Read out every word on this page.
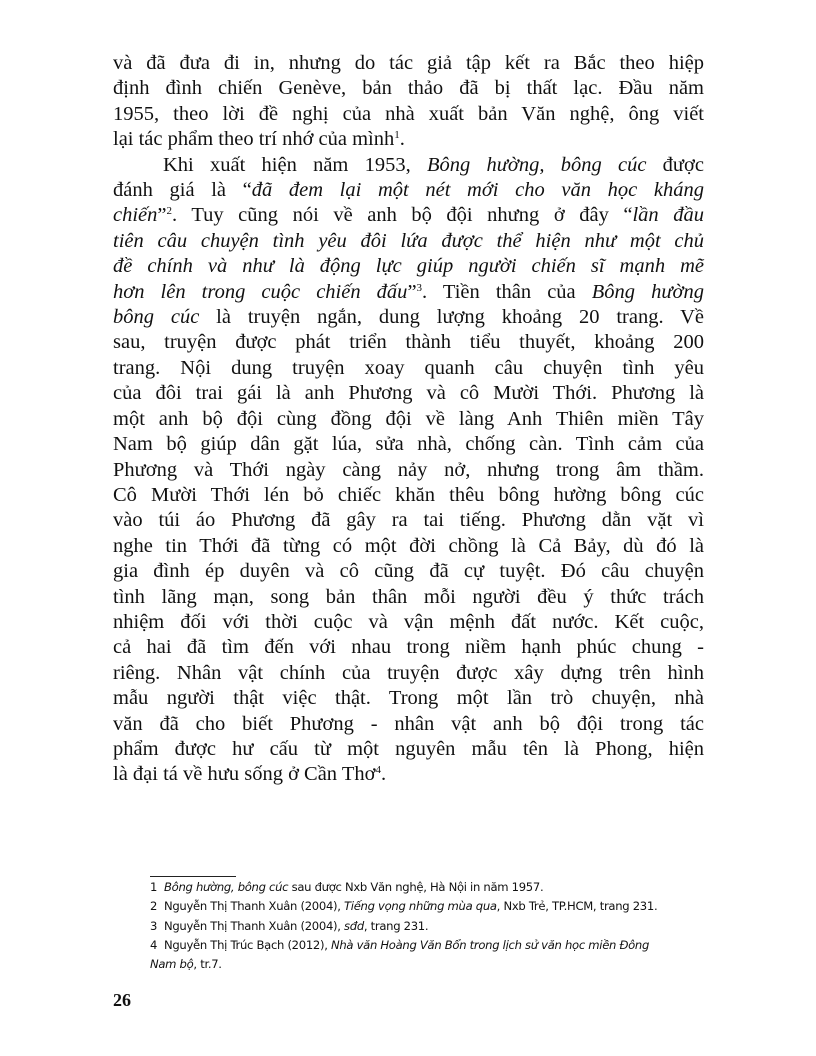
và đã đưa đi in, nhưng do tác giả tập kết ra Bắc theo hiệp
định đình chiến Genève, bản thảo đã bị thất lạc. Đầu năm
1955, theo lời đề nghị của nhà xuất bản Văn nghệ, ông viết
lại tác phẩm theo trí nhớ của mình$^1$.
Khi xuất hiện năm 1953, Bông hường, bông cúc được
đánh giá là “đã đem lại một nét mới cho văn học kháng
chiến”$^2$. Tuy cũng nói về anh bộ đội nhưng ở đây “lần đầu
tiên câu chuyện tình yêu đôi lứa được thể hiện như một chủ
đề chính và như là động lực giúp người chiến sĩ mạnh mẽ
hơn lên trong cuộc chiến đấu”$^3$. Tiền thân của Bông hường
bông cúc là truyện ngắn, dung lượng khoảng 20 trang. Về
sau, truyện được phát triển thành tiểu thuyết, khoảng 200
trang. Nội dung truyện xoay quanh câu chuyện tình yêu
của đôi trai gái là anh Phương và cô Mười Thới. Phương là
một anh bộ đội cùng đồng đội về làng Anh Thiên miền Tây
Nam bộ giúp dân gặt lúa, sửa nhà, chống càn. Tình cảm của
Phương và Thới ngày càng nảy nở, nhưng trong âm thầm.
Cô Mười Thới lén bỏ chiếc khăn thêu bông hường bông cúc
vào túi áo Phương đã gây ra tai tiếng. Phương dằn vặt vì
nghe tin Thới đã từng có một đời chồng là Cả Bảy, dù đó là
gia đình ép duyên và cô cũng đã cự tuyệt. Đó câu chuyện
tình lãng mạn, song bản thân mỗi người đều ý thức trách
nhiệm đối với thời cuộc và vận mệnh đất nước. Kết cuộc,
cả hai đã tìm đến với nhau trong niềm hạnh phúc chung -
riêng. Nhân vật chính của truyện được xây dựng trên hình
mẫu người thật việc thật. Trong một lần trò chuyện, nhà
văn đã cho biết Phương - nhân vật anh bộ đội trong tác
phẩm được hư cấu từ một nguyên mẫu tên là Phong, hiện
là đại tá về hưu sống ở Cần Thơ$^4$.
1 Bông hường, bông cúc sau được Nxb Văn nghệ, Hà Nội in năm 1957.
2 Nguyễn Thị Thanh Xuân (2004), Tiếng vọng những mùa qua, Nxb Trẻ, TP.HCM, trang 231.
3 Nguyễn Thị Thanh Xuân (2004), sđd, trang 231.
4 Nguyễn Thị Trúc Bạch (2012), Nhà văn Hoàng Văn Bổn trong lịch sử văn học miền Đông
Nam bộ, tr.7.
26
